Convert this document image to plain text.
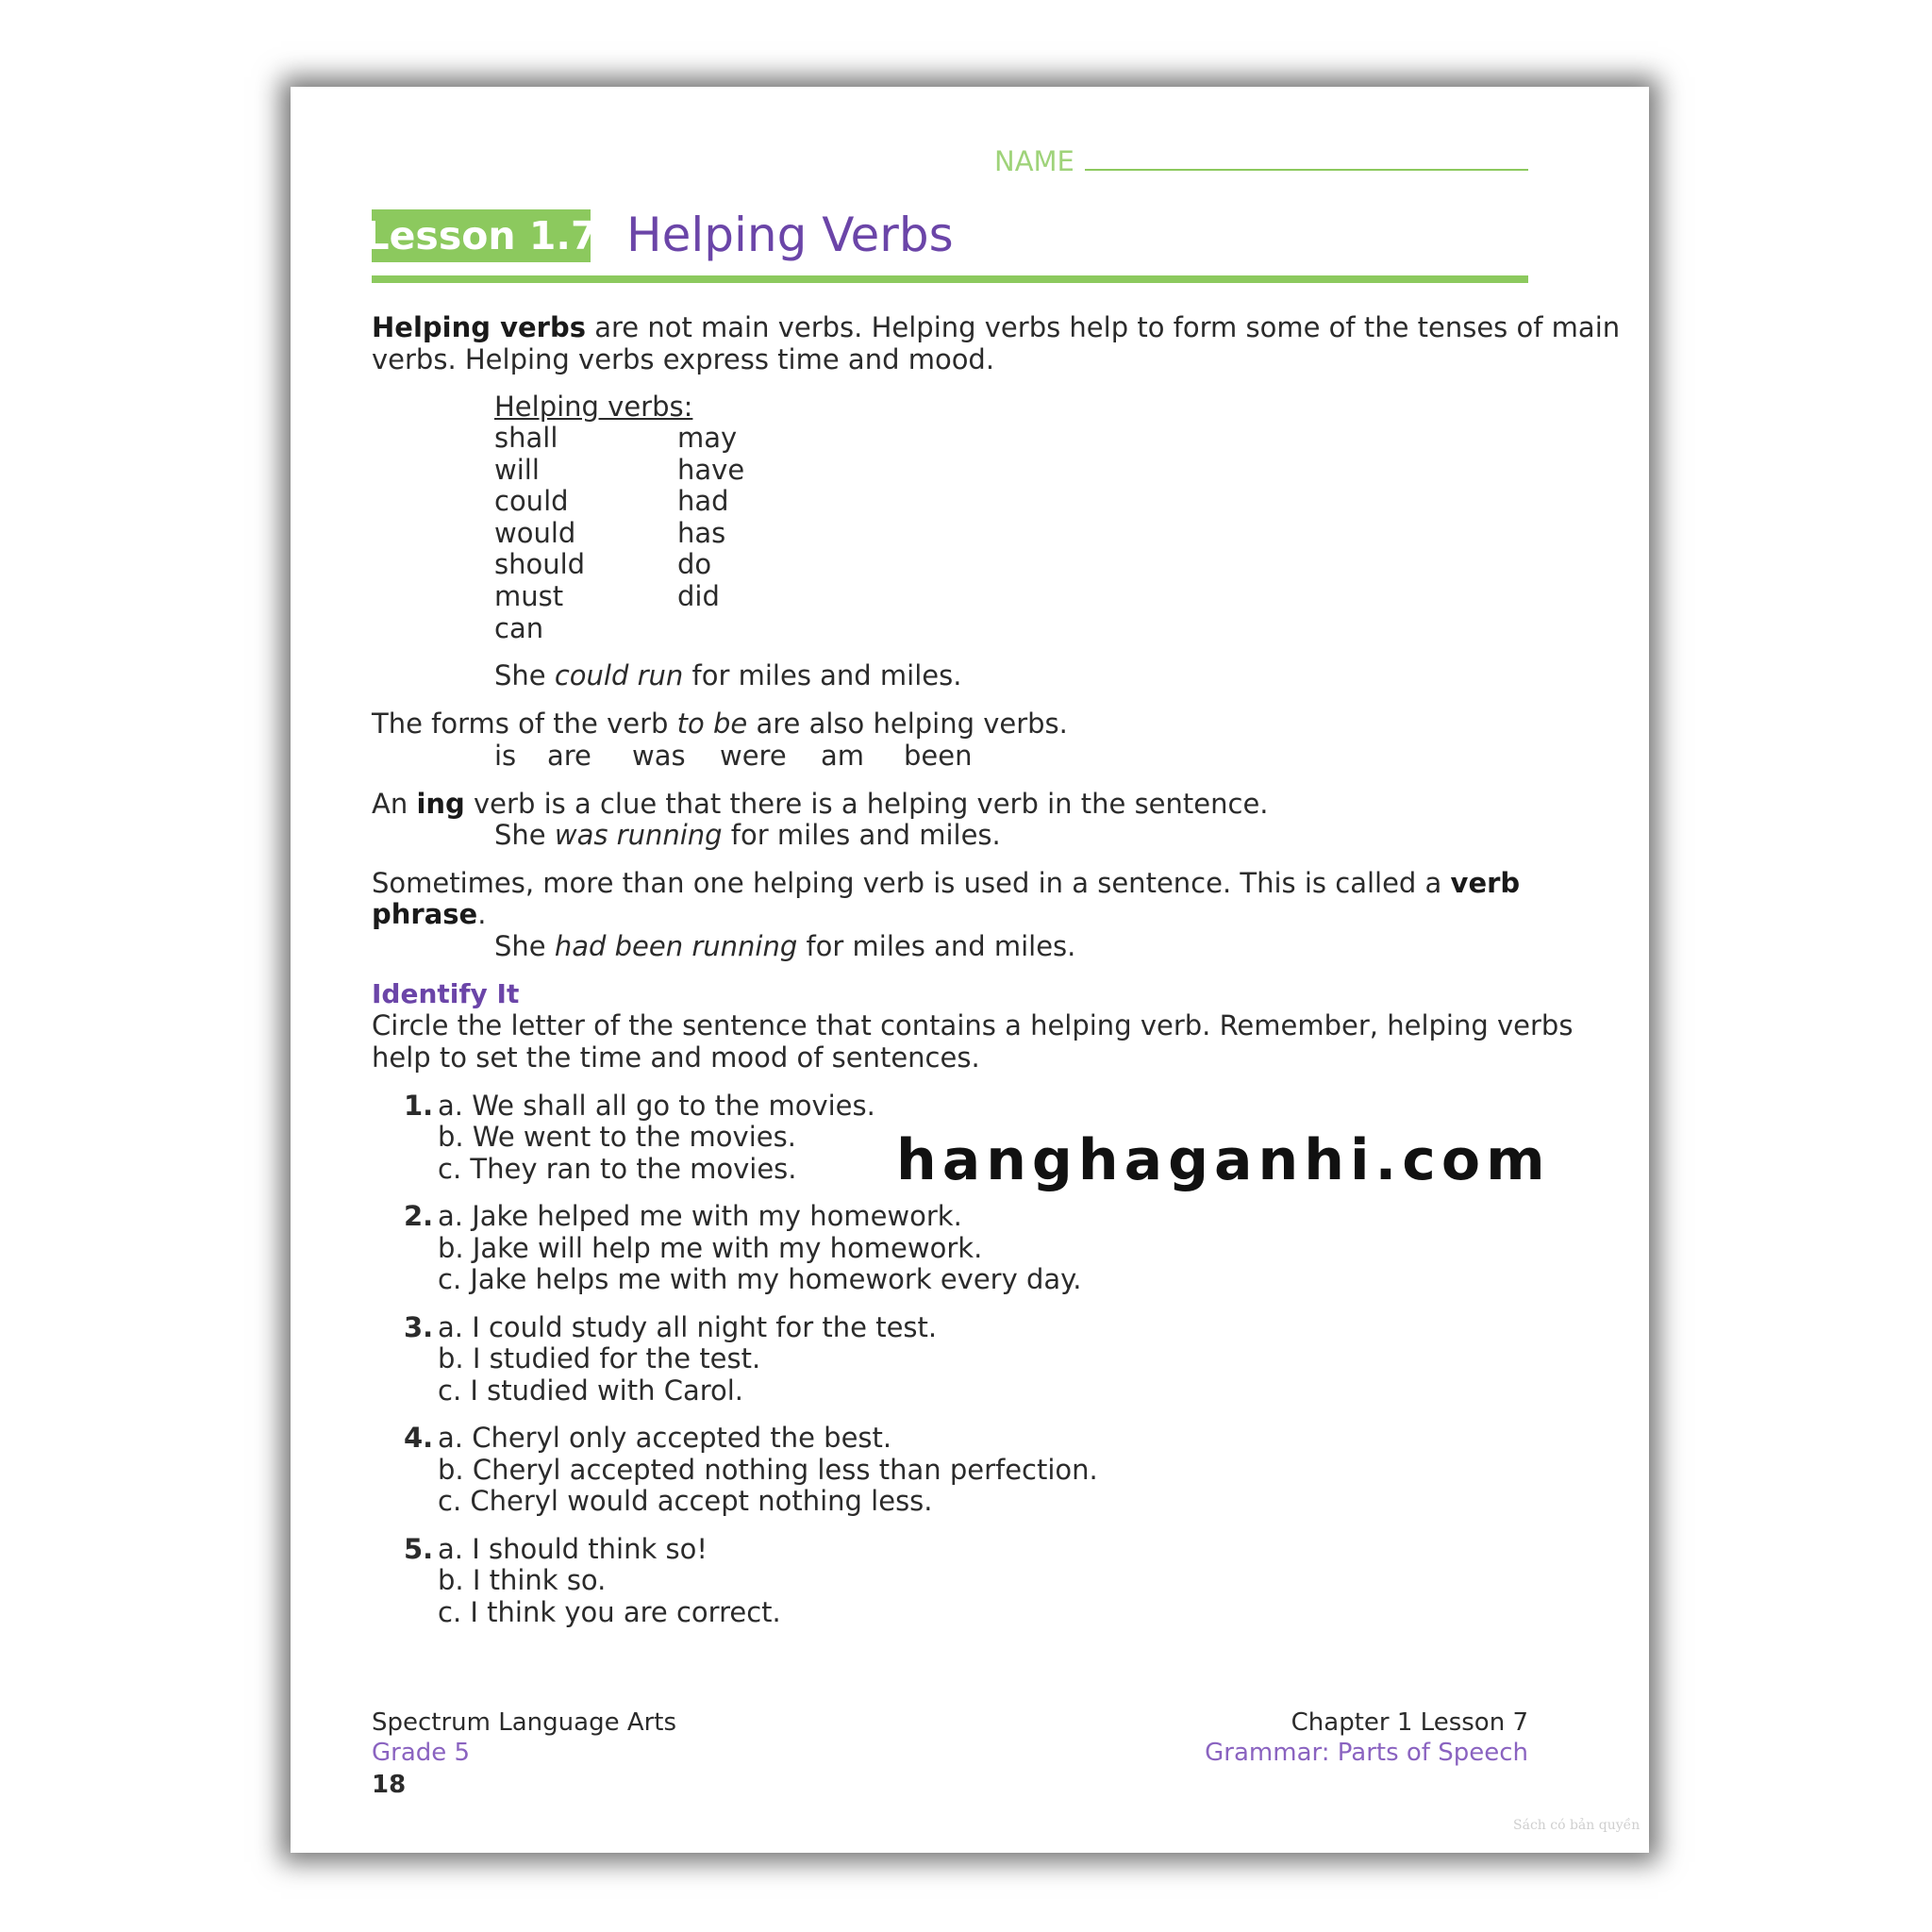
NAME
Lesson 1.7 Helping Verbs
Helping verbs are not main verbs. Helping verbs help to form some of the tenses of main
verbs. Helping verbs express time and mood.
Helping verbs:
shall
will
could
would
should
must
can
may
have
had
has
do
did
She could run for miles and miles.
The forms of the verb to be are also helping verbs.
is are was were am been
An ing verb is a clue that there is a helping verb in the sentence.
She was running for miles and miles.
Sometimes, more than one helping verb is used in a sentence. This is called a verb
phrase.
She had been running for miles and miles.
Identify It
Circle the letter of the sentence that contains a helping verb. Remember, helping verbs
help to set the time and mood of sentences.
1. a. We shall all go to the movies.
b. We went to the movies.
c. They ran to the movies.
2. a. Jake helped me with my homework.
b. Jake will help me with my homework.
c. Jake helps me with my homework every day.
3. a. I could study all night for the test.
b. I studied for the test.
c. I studied with Carol.
4. a. Cheryl only accepted the best.
b. Cheryl accepted nothing less than perfection.
c. Cheryl would accept nothing less.
5. a. I should think so!
b. I think so.
c. I think you are correct.
Spectrum Language Arts
Grade 5
18
Chapter 1 Lesson 7
Grammar: Parts of Speech
hanghaganhi.com
Sách có bản quyền
